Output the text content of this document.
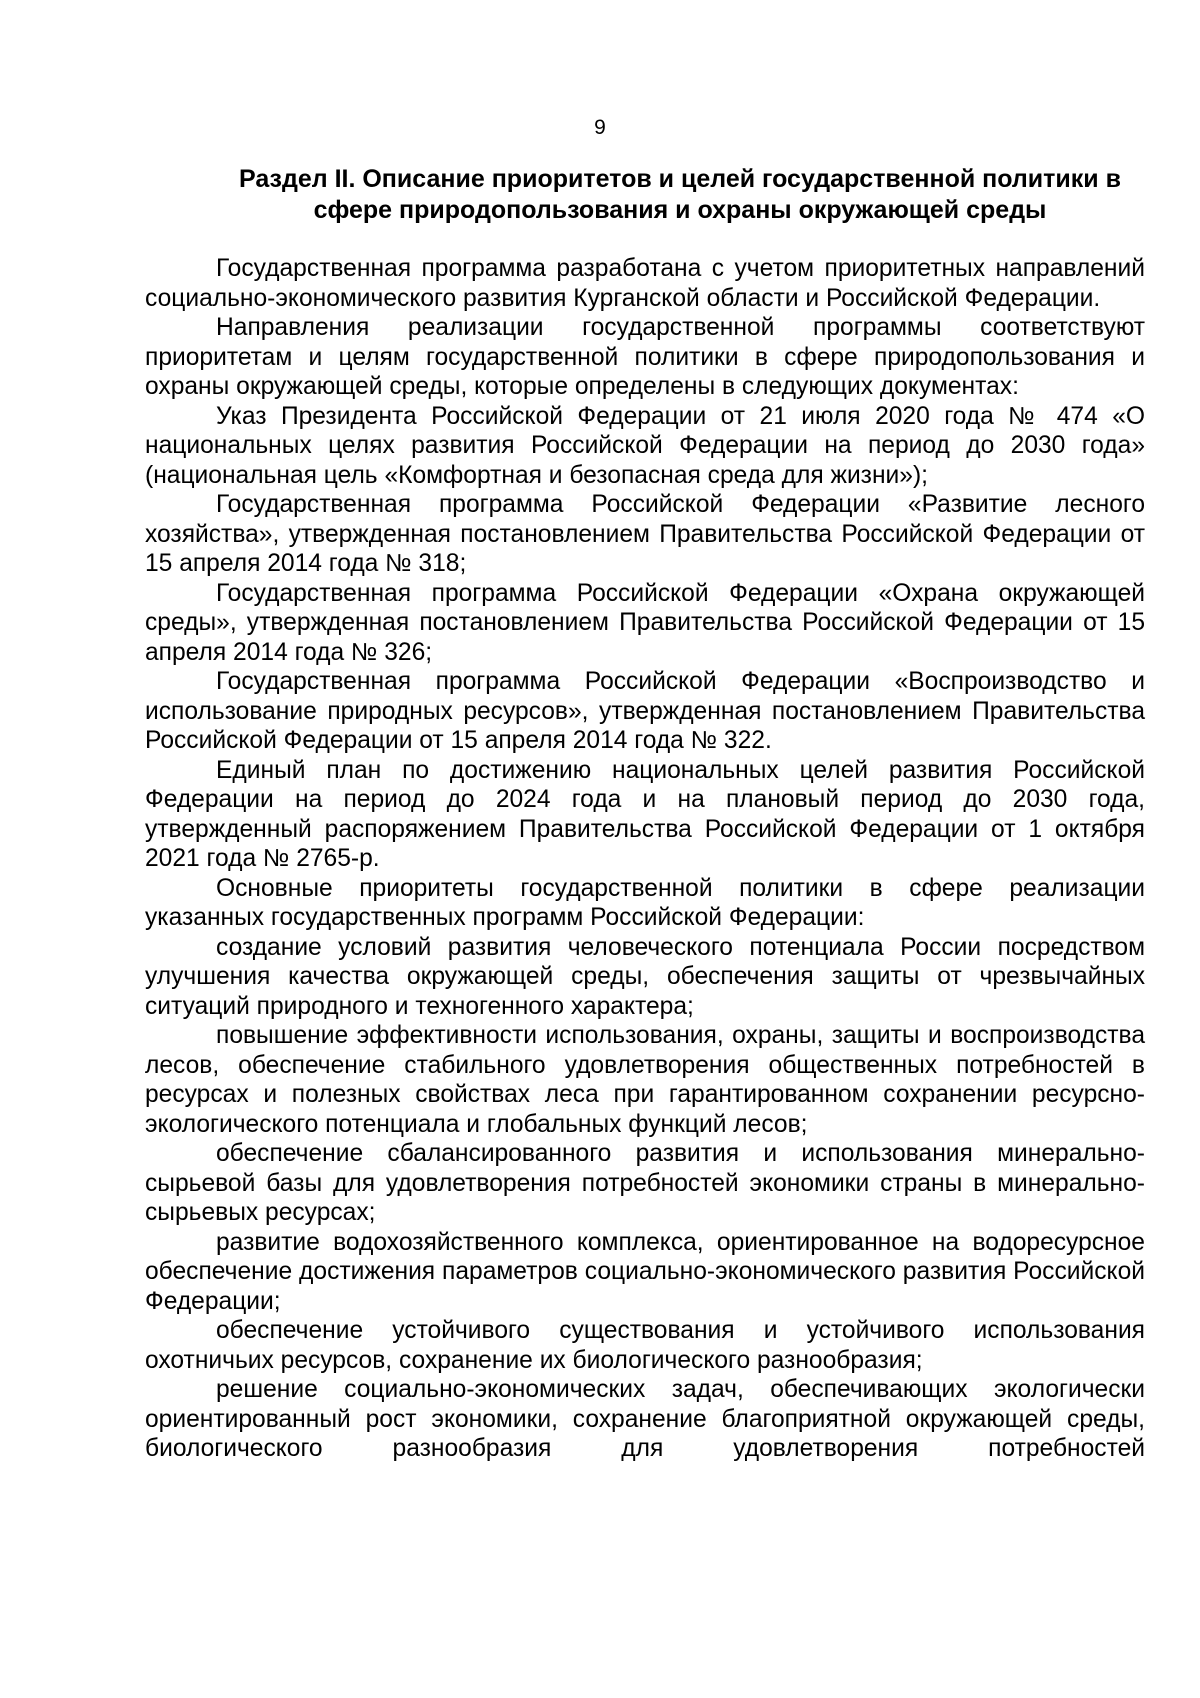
9
Раздел II. Описание приоритетов и целей государственной политики в
сфере природопользования и охраны окружающей среды

Государственная программа разработана с учетом приоритетных направлений социально-экономического развития Курганской области и Российской Федерации.

Направления реализации государственной программы соответствуют приоритетам и целям государственной политики в сфере природопользования и охраны окружающей среды, которые определены в следующих документах:

Указ Президента Российской Федерации от 21 июля 2020 года № 474 «О национальных целях развития Российской Федерации на период до 2030 года» (национальная цель «Комфортная и безопасная среда для жизни»);

Государственная программа Российской Федерации «Развитие лесного хозяйства», утвержденная постановлением Правительства Российской Федерации от 15 апреля 2014 года № 318;

Государственная программа Российской Федерации «Охрана окружающей среды», утвержденная постановлением Правительства Российской Федерации от 15 апреля 2014 года № 326;

Государственная программа Российской Федерации «Воспроизводство и использование природных ресурсов», утвержденная постановлением Правительства Российской Федерации от 15 апреля 2014 года № 322.

Единый план по достижению национальных целей развития Российской Федерации на период до 2024 года и на плановый период до 2030 года, утвержденный распоряжением Правительства Российской Федерации от 1 октября 2021 года № 2765-р.

Основные приоритеты государственной политики в сфере реализации указанных государственных программ Российской Федерации:

создание условий развития человеческого потенциала России посредством улучшения качества окружающей среды, обеспечения защиты от чрезвычайных ситуаций природного и техногенного характера;

повышение эффективности использования, охраны, защиты и воспроизводства лесов, обеспечение стабильного удовлетворения общественных потребностей в ресурсах и полезных свойствах леса при гарантированном сохранении ресурсно-экологического потенциала и глобальных функций лесов;

обеспечение сбалансированного развития и использования минерально-сырьевой базы для удовлетворения потребностей экономики страны в минерально-сырьевых ресурсах;

развитие водохозяйственного комплекса, ориентированное на водоресурсное обеспечение достижения параметров социально-экономического развития Российской Федерации;

обеспечение устойчивого существования и устойчивого использования охотничьих ресурсов, сохранение их биологического разнообразия;

решение социально-экономических задач, обеспечивающих экологически ориентированный рост экономики, сохранение благоприятной окружающей среды, биологического разнообразия для удовлетворения потребностей
